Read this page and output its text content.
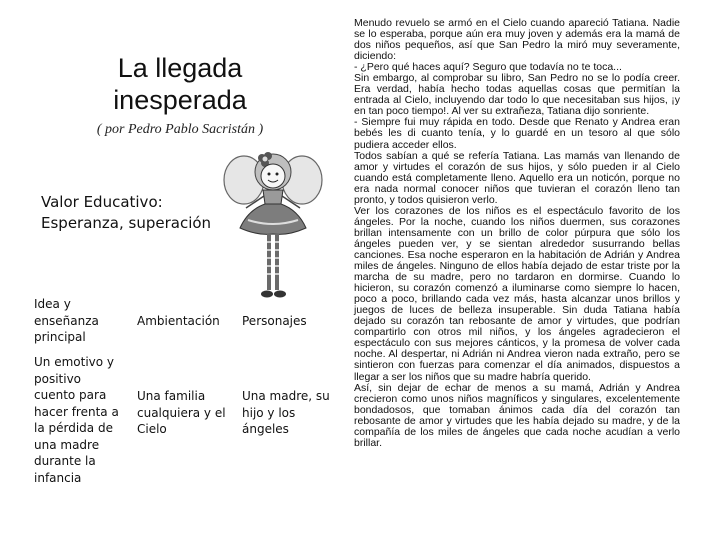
La llegada inesperada
( por Pedro Pablo Sacristán )
Valor Educativo:
Esperanza, superación
Idea y enseñanza principal
Ambientación	Personajes
Un emotivo y positivo cuento para hacer frenta a la pérdida de una madre durante la infancia
Una familia cualquiera y el Cielo
Una madre, su hijo y los ángeles

Menudo revuelo se armó en el Cielo cuando apareció Tatiana. Nadie se lo esperaba, porque aún era muy joven y además era la mamá de dos niños pequeños, así que San Pedro la miró muy severamente, diciendo:

- ¿Pero qué haces aquí? Seguro que todavía no te toca...

Sin embargo, al comprobar su libro, San Pedro no se lo podía creer. Era verdad, había hecho todas aquellas cosas que permitían la entrada al Cielo, incluyendo dar todo lo que necesitaban sus hijos, ¡y en tan poco tiempo!. Al ver su extrañeza, Tatiana dijo sonriente.

- Siempre fui muy rápida en todo. Desde que Renato y Andrea eran bebés les di cuanto tenía, y lo guardé en un tesoro al que sólo pudiera acceder ellos.

Todos sabían a qué se refería Tatiana. Las mamás van llenando de amor y virtudes el corazón de sus hijos, y sólo pueden ir al Cielo cuando está completamente lleno. Aquello era un noticón, porque no era nada normal conocer niños que tuvieran el corazón lleno tan pronto, y todos quisieron verlo.

Ver los corazones de los niños es el espectáculo favorito de los ángeles. Por la noche, cuando los niños duermen, sus corazones brillan intensamente con un brillo de color púrpura que sólo los ángeles pueden ver, y se sientan alrededor susurrando bellas canciones. Esa noche esperaron en la habitación de Adrián y Andrea miles de ángeles. Ninguno de ellos había dejado de estar triste por la marcha de su madre, pero no tardaron en dormirse. Cuando lo hicieron, su corazón comenzó a iluminarse como siempre lo hacen, poco a poco, brillando cada vez más, hasta alcanzar unos brillos y juegos de luces de belleza insuperable. Sin duda Tatiana había dejado su corazón tan rebosante de amor y virtudes, que podrían compartirlo con otros mil niños, y los ángeles agradecieron el espectáculo con sus mejores cánticos, y la promesa de volver cada noche. Al despertar, ni Adrián ni Andrea vieron nada extraño, pero se sintieron con fuerzas para comenzar el día animados, dispuestos a llegar a ser los niños que su madre habría querido.

Así, sin dejar de echar de menos a su mamá, Adrián y Andrea crecieron como unos niños magníficos y singulares, excelentemente bondadosos, que tomaban ánimos cada día del corazón tan rebosante de amor y virtudes que les había dejado su madre, y de la compañía de los miles de ángeles que cada noche acudían a verlo brillar.
